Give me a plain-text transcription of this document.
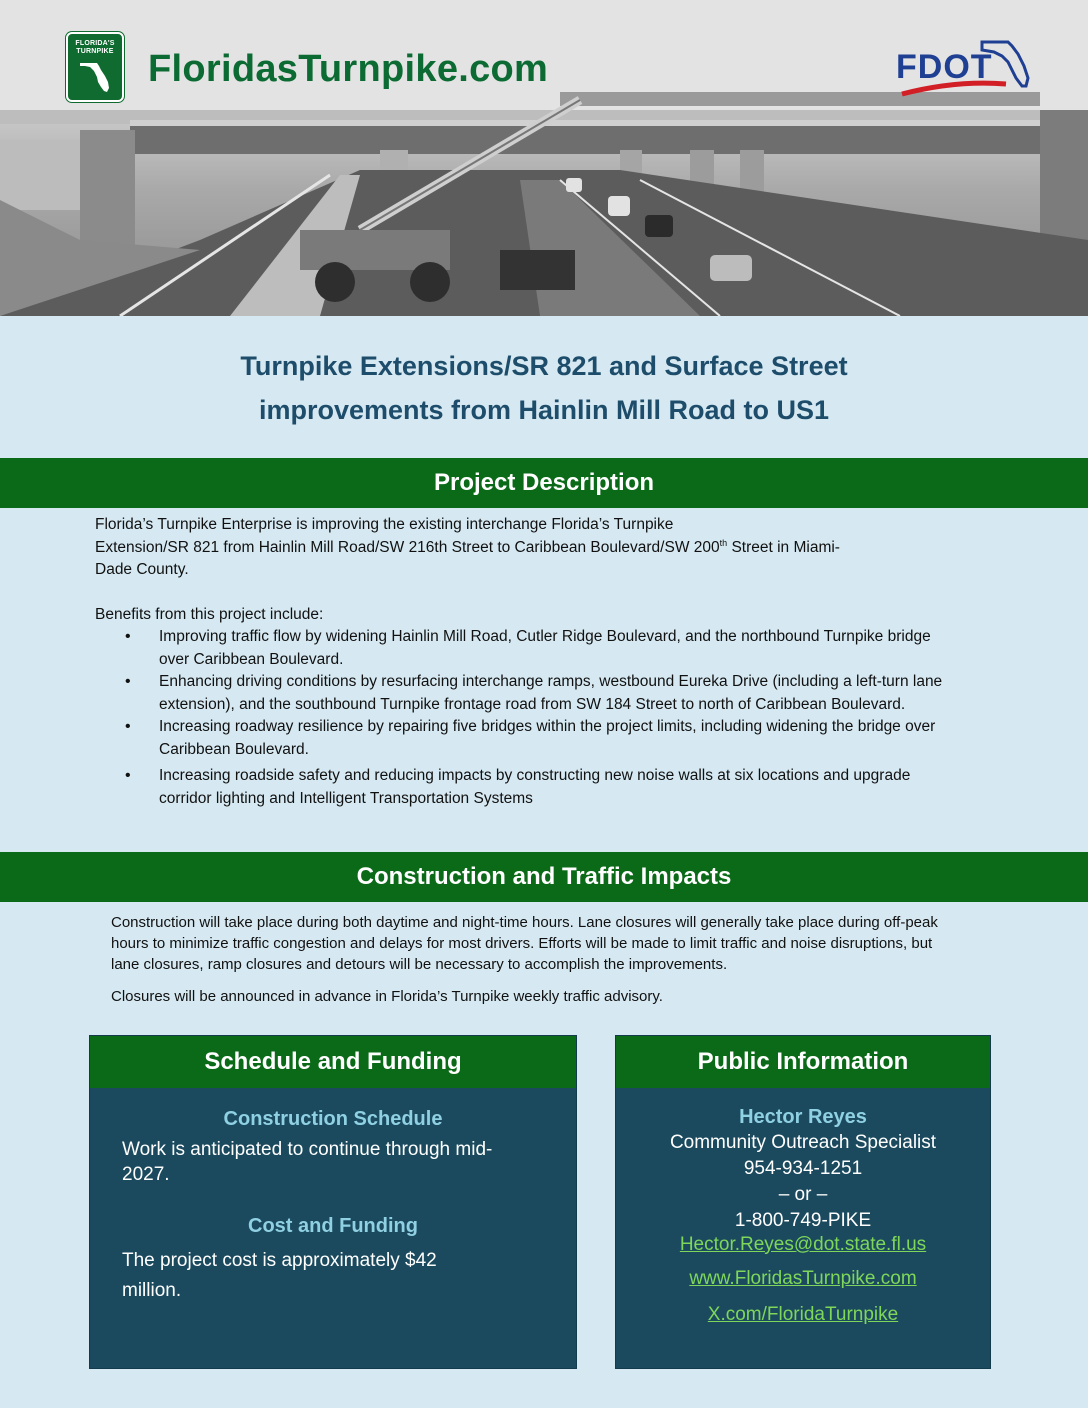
FLORIDA'S
TURNPIKE FloridasTurnpike.com	FDOT
Turnpike Extensions/SR 821 and Surface Street
improvements from Hainlin Mill Road to US1
Project Description

Florida’s Turnpike Enterprise is improving the existing interchange Florida’s Turnpike
Extension/SR 821 from Hainlin Mill Road/SW 216th Street to Caribbean Boulevard/SW 200th Street in Miami-
Dade County.

Benefits from this project include:

• Improving traffic flow by widening Hainlin Mill Road, Cutler Ridge Boulevard, and the northbound Turnpike bridge over Caribbean Boulevard.
• Enhancing driving conditions by resurfacing interchange ramps, westbound Eureka Drive (including a left-turn lane extension), and the southbound Turnpike frontage road from SW 184 Street to north of Caribbean Boulevard.
• Increasing roadway resilience by repairing five bridges within the project limits, including widening the bridge over Caribbean Boulevard.
• Increasing roadside safety and reducing impacts by constructing new noise walls at six locations and upgrade corridor lighting and Intelligent Transportation Systems
Construction and Traffic Impacts

Construction will take place during both daytime and night-time hours. Lane closures will generally take place during off-peak hours to minimize traffic congestion and delays for most drivers. Efforts will be made to limit traffic and noise disruptions, but lane closures, ramp closures and detours will be necessary to accomplish the improvements.

Closures will be announced in advance in Florida’s Turnpike weekly traffic advisory.

Schedule and Funding
Construction Schedule
Work is anticipated to continue through mid-2027.
Cost and Funding
The project cost is approximately $42 million.
Public Information
Hector Reyes
Community Outreach Specialist
954-934-1251
– or –
1-800-749-PIKE
Hector.Reyes@dot.state.fl.us
www.FloridasTurnpike.com
X.com/FloridaTurnpike
